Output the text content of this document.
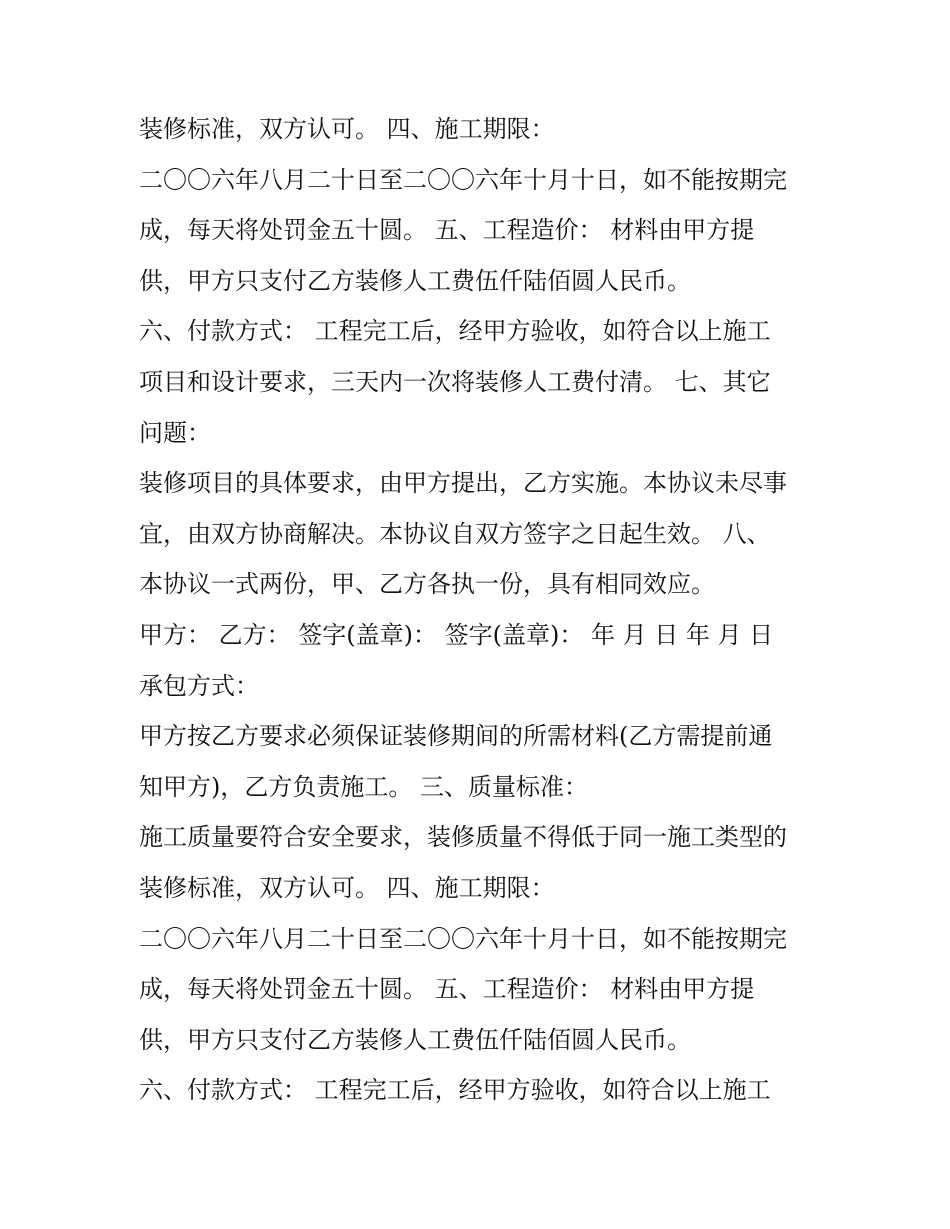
装修标准，双方认可。 四、施工期限：
二〇〇六年八月二十日至二〇〇六年十月十日，如不能按期完
成，每天将处罚金五十圆。 五、工程造价： 材料由甲方提
供，甲方只支付乙方装修人工费伍仟陆佰圆人民币。
六、付款方式： 工程完工后，经甲方验收，如符合以上施工
项目和设计要求，三天内一次将装修人工费付清。 七、其它
问题：
装修项目的具体要求，由甲方提出，乙方实施。本协议未尽事
宜，由双方协商解决。本协议自双方签字之日起生效。 八、
本协议一式两份，甲、乙方各执一份，具有相同效应。
甲方： 乙方： 签字(盖章)： 签字(盖章)： 年 月 日 年 月 日
承包方式：
甲方按乙方要求必须保证装修期间的所需材料(乙方需提前通
知甲方)，乙方负责施工。 三、质量标准：
施工质量要符合安全要求，装修质量不得低于同一施工类型的
装修标准，双方认可。 四、施工期限：
二〇〇六年八月二十日至二〇〇六年十月十日，如不能按期完
成，每天将处罚金五十圆。 五、工程造价： 材料由甲方提
供，甲方只支付乙方装修人工费伍仟陆佰圆人民币。
六、付款方式： 工程完工后，经甲方验收，如符合以上施工
